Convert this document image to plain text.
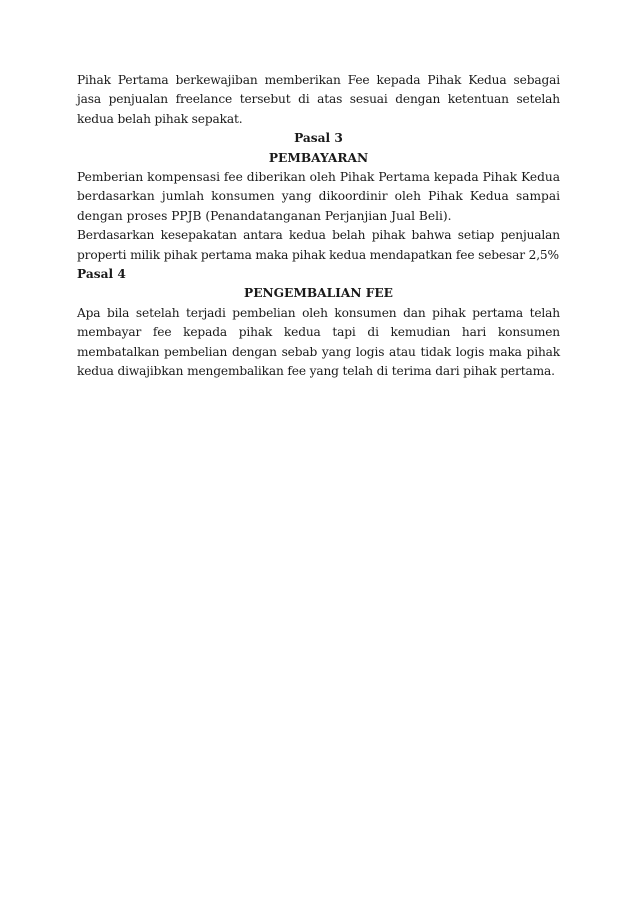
Pihak Pertama berkewajiban memberikan Fee kepada Pihak Kedua sebagai jasa penjualan freelance tersebut di atas sesuai dengan ketentuan setelah kedua belah pihak sepakat.

Pasal 3

PEMBAYARAN

Pemberian kompensasi fee diberikan oleh Pihak Pertama kepada Pihak Kedua berdasarkan jumlah konsumen yang dikoordinir oleh Pihak Kedua sampai dengan proses PPJB (Penandatanganan Perjanjian Jual Beli).

Berdasarkan kesepakatan antara kedua belah pihak bahwa setiap penjualan properti milik pihak pertama maka pihak kedua mendapatkan fee sebesar 2,5%

Pasal 4

PENGEMBALIAN FEE

Apa bila setelah terjadi pembelian oleh konsumen dan pihak pertama telah membayar fee kepada pihak kedua tapi di kemudian hari konsumen membatalkan pembelian dengan sebab yang logis atau tidak logis maka pihak kedua diwajibkan mengembalikan fee yang telah di terima dari pihak pertama.
